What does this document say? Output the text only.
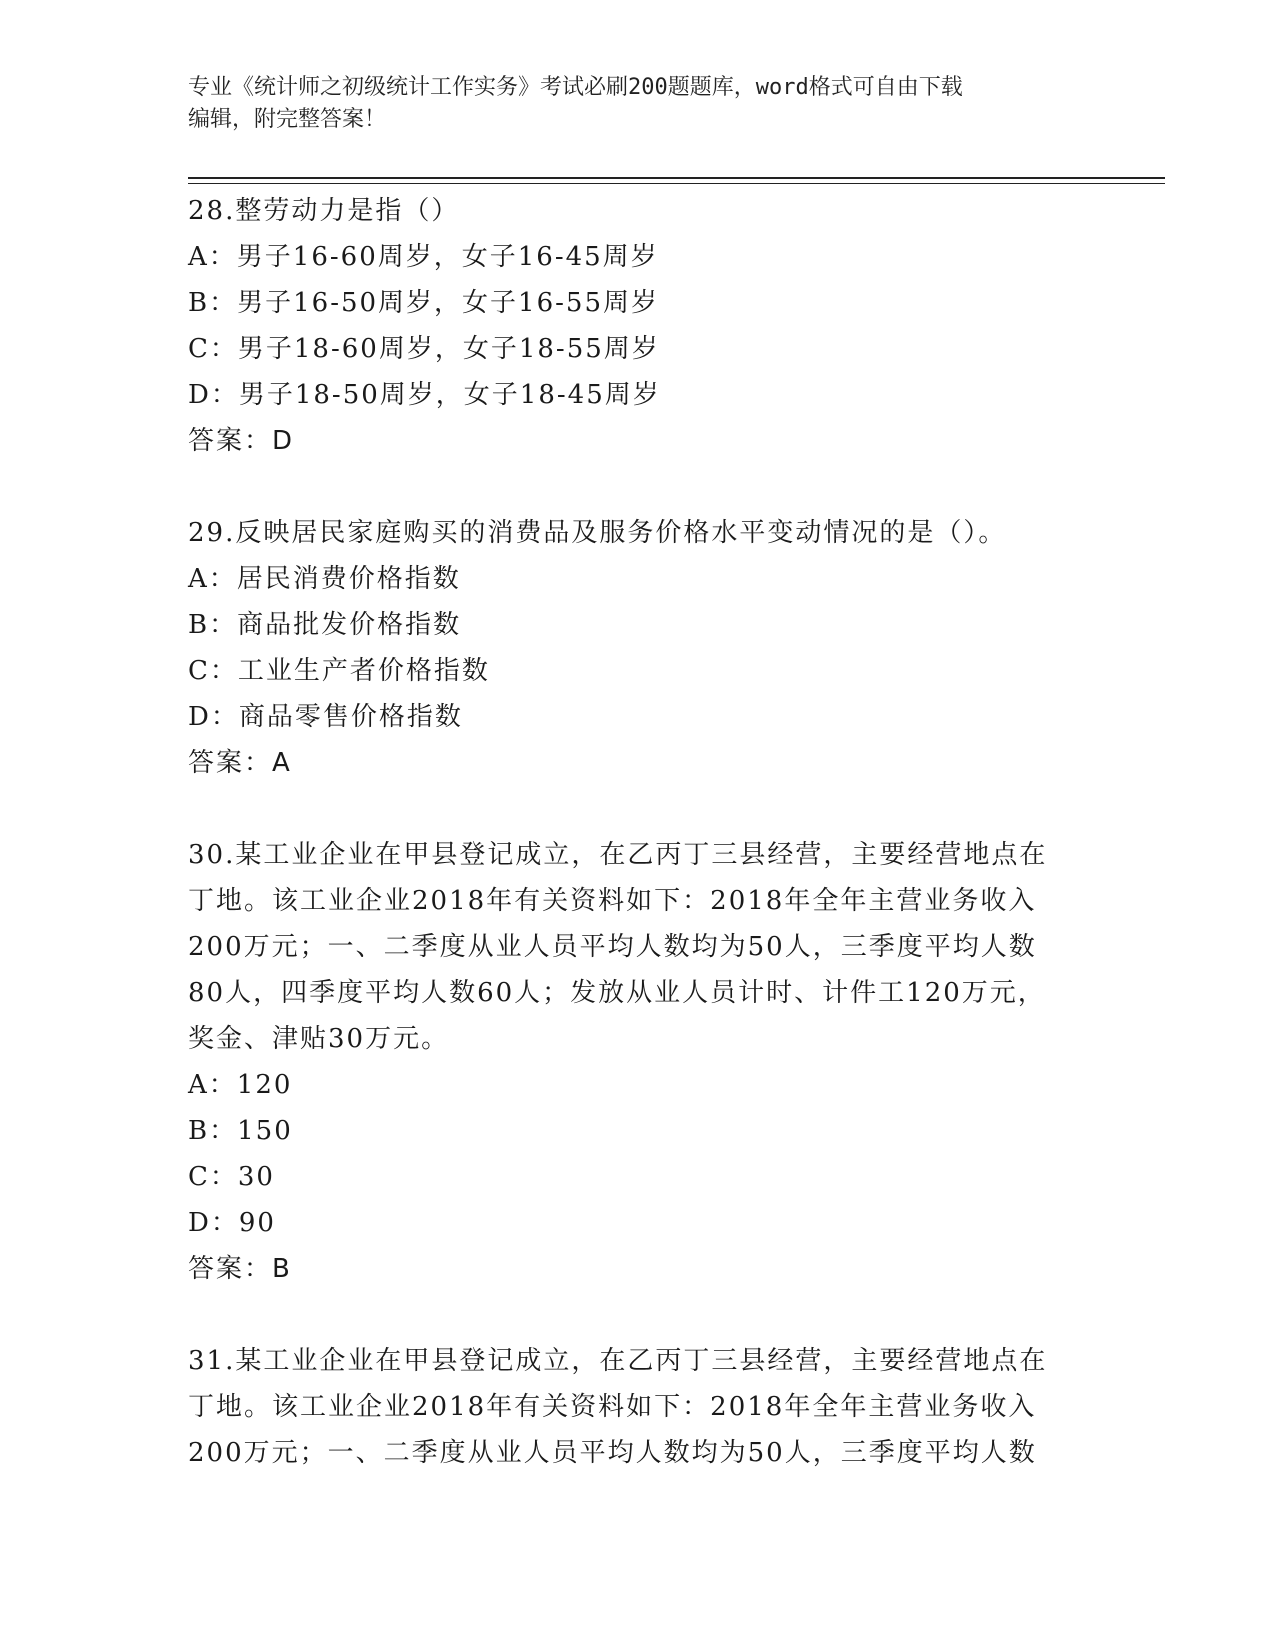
专业《统计师之初级统计工作实务》考试必刷200题题库，word格式可自由下载
编辑，附完整答案！
28.整劳动力是指（）
A：男子16-60周岁，女子16-45周岁
B：男子16-50周岁，女子16-55周岁
C：男子18-60周岁，女子18-55周岁
D：男子18-50周岁，女子18-45周岁
答案：D
29.反映居民家庭购买的消费品及服务价格水平变动情况的是（）。
A：居民消费价格指数
B：商品批发价格指数
C：工业生产者价格指数
D：商品零售价格指数
答案：A
30.某工业企业在甲县登记成立，在乙丙丁三县经营，主要经营地点在
丁地。该工业企业2018年有关资料如下：2018年全年主营业务收入
200万元；一、二季度从业人员平均人数均为50人，三季度平均人数
80人，四季度平均人数60人；发放从业人员计时、计件工120万元，
奖金、津贴30万元。
A：120
B：150
C：30
D：90
答案：B
31.某工业企业在甲县登记成立，在乙丙丁三县经营，主要经营地点在
丁地。该工业企业2018年有关资料如下：2018年全年主营业务收入
200万元；一、二季度从业人员平均人数均为50人，三季度平均人数
